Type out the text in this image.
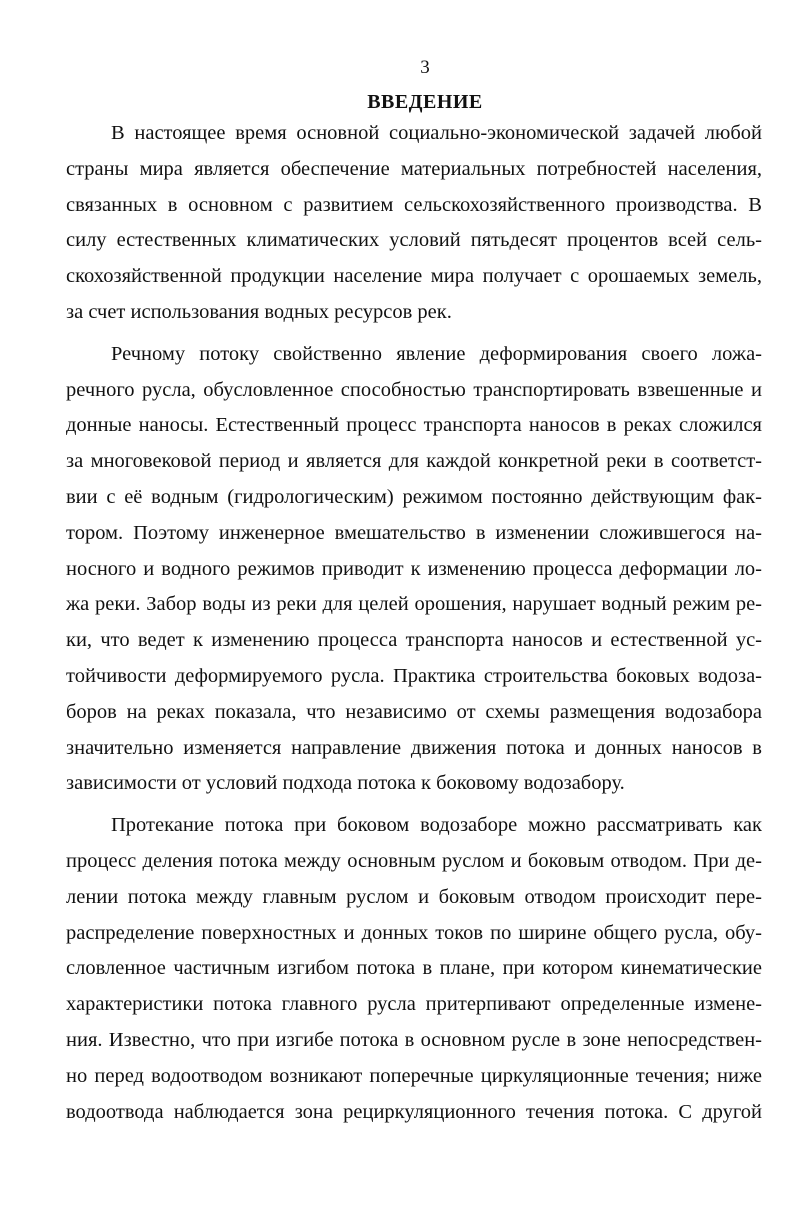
3
ВВЕДЕНИЕ
В настоящее время основной социально-экономической задачей любой
страны мира является обеспечение материальных потребностей населения,
связанных в основном с развитием сельскохозяйственного производства. В
силу естественных климатических условий пятьдесят процентов всей сель-
скохозяйственной продукции население мира получает с орошаемых земель,
за счет использования водных ресурсов рек.
Речному потоку свойственно явление деформирования своего ложа-
речного русла, обусловленное способностью транспортировать взвешенные и
донные наносы. Естественный процесс транспорта наносов в реках сложился
за многовековой период и является для каждой конкретной реки в соответст-
вии с её водным (гидрологическим) режимом постоянно действующим фак-
тором. Поэтому инженерное вмешательство в изменении сложившегося на-
носного и водного режимов приводит к изменению процесса деформации ло-
жа реки. Забор воды из реки для целей орошения, нарушает водный режим ре-
ки, что ведет к изменению процесса транспорта наносов и естественной ус-
тойчивости деформируемого русла. Практика строительства боковых водоза-
боров на реках показала, что независимо от схемы размещения водозабора
значительно изменяется направление движения потока и донных наносов в
зависимости от условий подхода потока к боковому водозабору.
Протекание потока при боковом водозаборе можно рассматривать как
процесс деления потока между основным руслом и боковым отводом. При де-
лении потока между главным руслом и боковым отводом происходит пере-
распределение поверхностных и донных токов по ширине общего русла, обу-
словленное частичным изгибом потока в плане, при котором кинематические
характеристики потока главного русла притерпивают определенные измене-
ния. Известно, что при изгибе потока в основном русле в зоне непосредствен-
но перед водоотводом возникают поперечные циркуляционные течения; ниже
водоотвода наблюдается зона рециркуляционного течения потока. С другой
